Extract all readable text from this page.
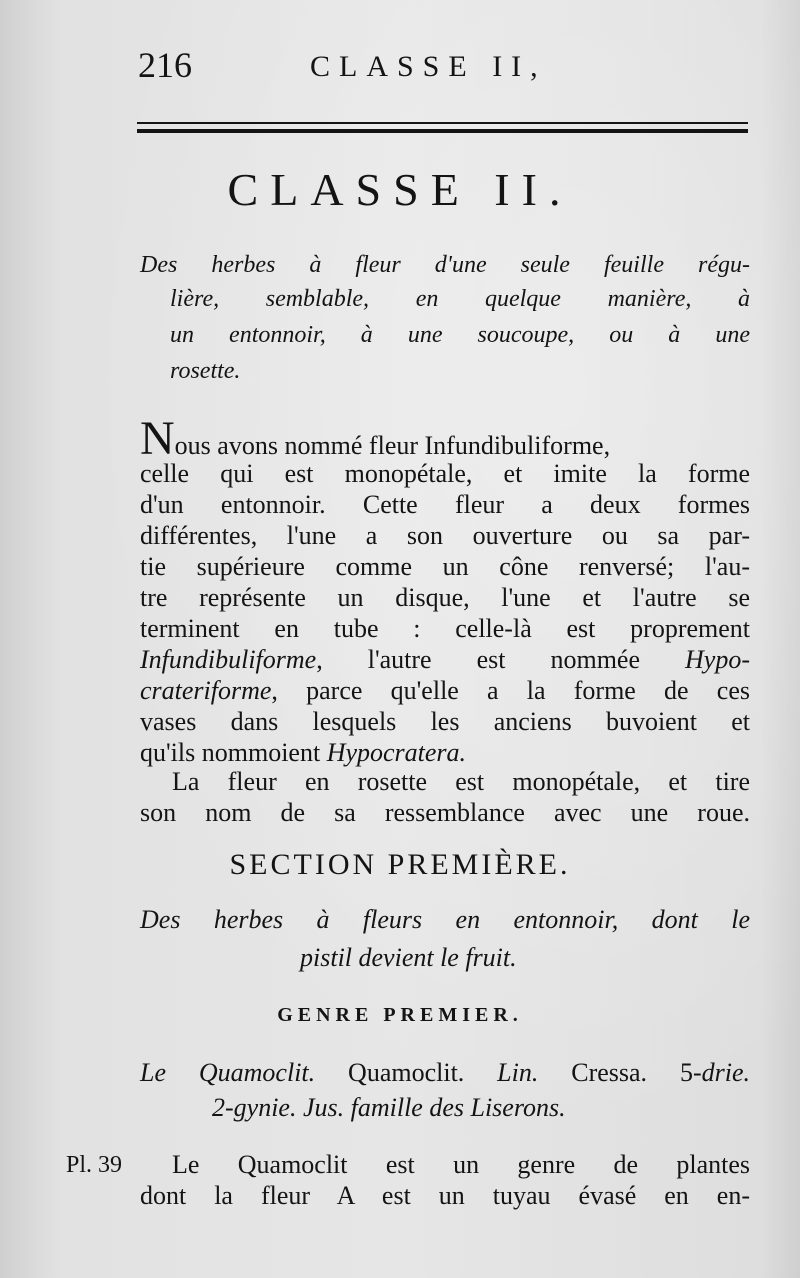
216	CLASSE II,
CLASSE II.
Des herbes à fleur d'une seule feuille régu-
lière, semblable, en quelque manière, à
un entonnoir, à une soucoupe, ou à une
rosette.
Nous avons nommé fleur Infundibuliforme,
celle qui est monopétale, et imite la forme
d'un entonnoir. Cette fleur a deux formes
différentes, l'une a son ouverture ou sa par-
tie supérieure comme un cône renversé; l'au-
tre représente un disque, l'une et l'autre se
terminent en tube : celle-là est proprement
Infundibuliforme, l'autre est nommée Hypo-
crateriforme, parce qu'elle a la forme de ces
vases dans lesquels les anciens buvoient et
qu'ils nommoient Hypocratera.
La fleur en rosette est monopétale, et tire
son nom de sa ressemblance avec une roue.
SECTION PREMIÈRE.
Des herbes à fleurs en entonnoir, dont le
pistil devient le fruit.
GENRE PREMIER.
Le Quamoclit. Quamoclit. Lin. Cressa. 5-drie.
2-gynie. Jus. famille des Liserons.
Pl. 39 Le Quamoclit est un genre de plantes
dont la fleur A est un tuyau évasé en en-
